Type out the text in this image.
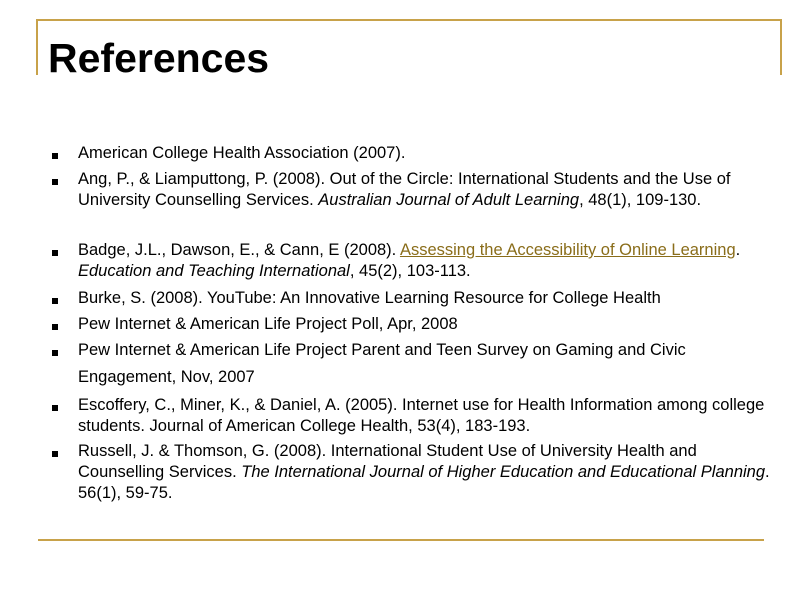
References

American College Health Association (2007).

Ang, P., & Liamputtong, P. (2008). Out of the Circle: International Students and the Use of University Counselling Services. Australian Journal of Adult Learning, 48(1), 109-130.

Badge, J.L., Dawson, E., & Cann, E (2008). Assessing the Accessibility of Online Learning. Education and Teaching International, 45(2), 103-113.

Burke, S. (2008). YouTube: An Innovative Learning Resource for College Health

Pew Internet & American Life Project Poll, Apr, 2008

Pew Internet & American Life Project Parent and Teen Survey on Gaming and Civic

Engagement, Nov, 2007

Escoffery, C., Miner, K., & Daniel, A. (2005). Internet use for Health Information among college students. Journal of American College Health, 53(4), 183-193.

Russell, J. & Thomson, G. (2008). International Student Use of University Health and Counselling Services. The International Journal of Higher Education and Educational Planning. 56(1), 59-75.
